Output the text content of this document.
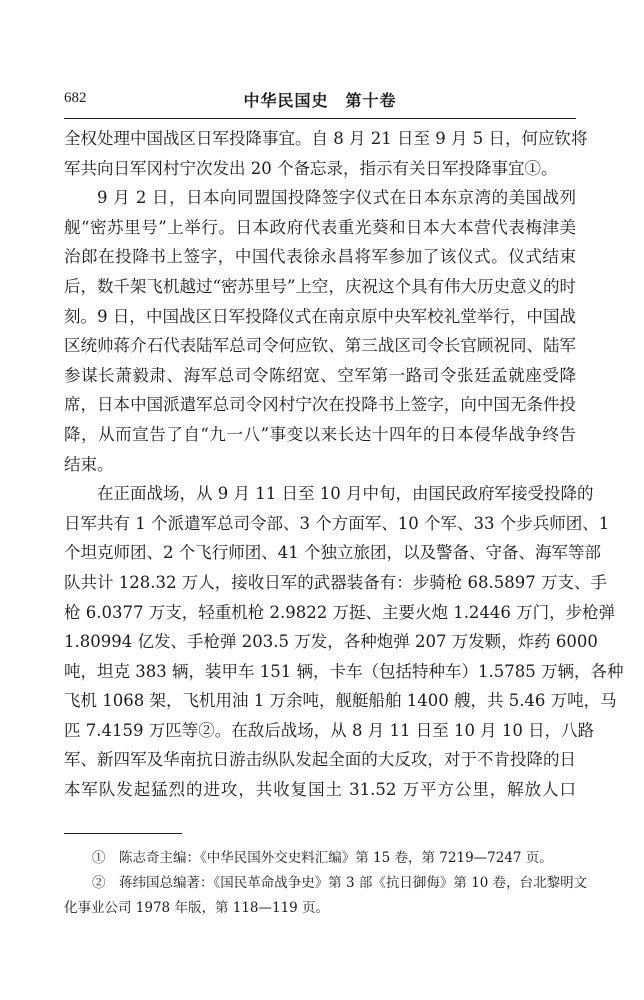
682	中华民国史　第十卷
全权处理中国战区日军投降事宜。自 8 月 21 日至 9 月 5 日，何应钦将
军共向日军冈村宁次发出 20 个备忘录，指示有关日军投降事宜①。
9 月 2 日，日本向同盟国投降签字仪式在日本东京湾的美国战列
舰“密苏里号”上举行。日本政府代表重光葵和日本大本营代表梅津美
治郎在投降书上签字，中国代表徐永昌将军参加了该仪式。仪式结束
后，数千架飞机越过“密苏里号”上空，庆祝这个具有伟大历史意义的时
刻。9 日，中国战区日军投降仪式在南京原中央军校礼堂举行，中国战
区统帅蒋介石代表陆军总司令何应钦、第三战区司令长官顾祝同、陆军
参谋长萧毅肃、海军总司令陈绍宽、空军第一路司令张廷孟就座受降
席，日本中国派遣军总司令冈村宁次在投降书上签字，向中国无条件投
降，从而宣告了自“九一八”事变以来长达十四年的日本侵华战争终告
结束。
在正面战场，从 9 月 11 日至 10 月中旬，由国民政府军接受投降的
日军共有 1 个派遣军总司令部、3 个方面军、10 个军、33 个步兵师团、1
个坦克师团、2 个飞行师团、41 个独立旅团，以及警备、守备、海军等部
队共计 128.32 万人，接收日军的武器装备有：步骑枪 68.5897 万支、手
枪 6.0377 万支，轻重机枪 2.9822 万挺、主要火炮 1.2446 万门，步枪弹
1.80994 亿发、手枪弹 203.5 万发，各种炮弹 207 万发颗，炸药 6000
吨，坦克 383 辆，装甲车 151 辆，卡车（包括特种车）1.5785 万辆，各种
飞机 1068 架，飞机用油 1 万余吨，舰艇船舶 1400 艘，共 5.46 万吨，马
匹 7.4159 万匹等②。在敌后战场，从 8 月 11 日至 10 月 10 日，八路
军、新四军及华南抗日游击纵队发起全面的大反攻，对于不肯投降的日
本军队发起猛烈的进攻，共收复国土 31.52 万平方公里，解放人口
①　陈志奇主编：《中华民国外交史料汇编》第 15 卷，第 7219—7247 页。
②　蒋纬国总编著：《国民革命战争史》第 3 部《抗日御侮》第 10 卷，台北黎明文
化事业公司 1978 年版，第 118—119 页。
